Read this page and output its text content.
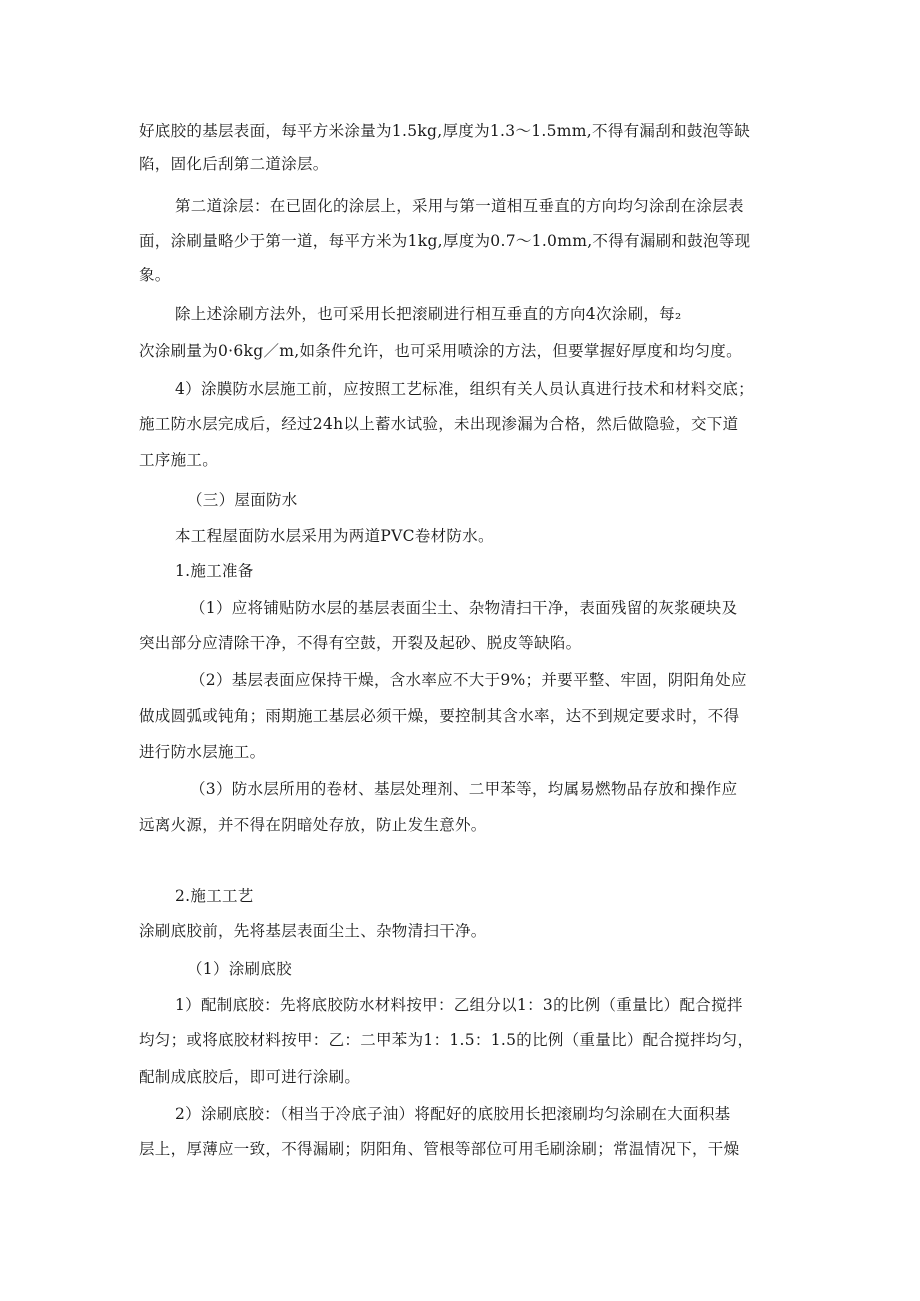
好底胶的基层表面，每平方米涂量为1.5kg,厚度为1.3～1.5mm,不得有漏刮和鼓泡等缺
陷，固化后刮第二道涂层。
第二道涂层：在已固化的涂层上，采用与第一道相互垂直的方向均匀涂刮在涂层表
面，涂刷量略少于第一道，每平方米为1kg,厚度为0.7～1.0mm,不得有漏刷和鼓泡等现
象。
除上述涂刷方法外，也可采用长把滚刷进行相互垂直的方向4次涂刷，每₂
次涂刷量为0·6kg／m,如条件允许，也可采用喷涂的方法，但要掌握好厚度和均匀度。
4）涂膜防水层施工前，应按照工艺标准，组织有关人员认真进行技术和材料交底；
施工防水层完成后，经过24h以上蓄水试验，未出现渗漏为合格，然后做隐验，交下道
工序施工。
（三）屋面防水
本工程屋面防水层采用为两道PVC卷材防水。
1.施工准备
（1）应将铺贴防水层的基层表面尘土、杂物清扫干净，表面残留的灰浆硬块及
突出部分应清除干净，不得有空鼓，开裂及起砂、脱皮等缺陷。
（2）基层表面应保持干燥，含水率应不大于9%；并要平整、牢固，阴阳角处应
做成圆弧或钝角；雨期施工基层必须干燥，要控制其含水率，达不到规定要求时，不得
进行防水层施工。
（3）防水层所用的卷材、基层处理剂、二甲苯等，均属易燃物品存放和操作应
远离火源，并不得在阴暗处存放，防止发生意外。
2.施工工艺
涂刷底胶前，先将基层表面尘土、杂物清扫干净。
（1）涂刷底胶
1）配制底胶：先将底胶防水材料按甲：乙组分以1：3的比例（重量比）配合搅拌
均匀；或将底胶材料按甲：乙：二甲苯为1：1.5：1.5的比例（重量比）配合搅拌均匀，
配制成底胶后，即可进行涂刷。
2）涂刷底胶：（相当于冷底子油）将配好的底胶用长把滚刷均匀涂刷在大面积基
层上，厚薄应一致，不得漏刷；阴阳角、管根等部位可用毛刷涂刷；常温情况下，干燥
